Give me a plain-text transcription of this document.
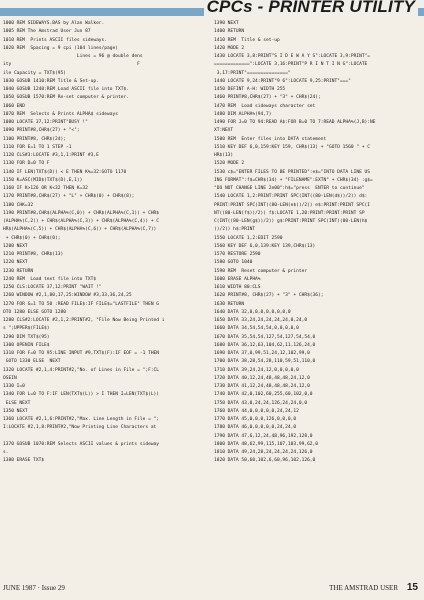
CPCs - PRINTER UTILITY
1000 REM SIDEWAYS.BAS by Alan Walker.
1005 REM The Amstrad User Jun 87
1010 REM  Prints ASCII files sideways.
1020 REM  Spacing = 9 cpi (104 lines/page)
Lines = 96 @ double dens
ity                                              F
ile Capacity = TXT$(95)
1030 GOSUB 1410:REM Title & Set-up.
1040 GOSUB 1240:REM Load ASCII file into TXT$.
1050 GOSUB 1570:REM Re-set computer & printer.
1060 END
1070 REM  Selects & Prints ALPHA$ sideways
1080 LOCATE 37,12:PRINT"BUSY !"
1090 PRINT#8,CHR$(27) + "<";
1100 PRINT#8, CHR$(24);
1110 FOR E=1 TO 1 STEP -1
1120 CLS#3:LOCATE #3,1,1:PRINT #3,E
1130 FOR D=0 TO F
1140 IF LEN(TXT$(D)) < E THEN K%=32:GOTO 1170
1150 K=ASC(MID$(TXT$(D),E,1))
1160 IF K>126 OR K<32 THEN K=32
1170 PRINT#8,CHR$(27) + "L" + CHR$(0) + CHR$(8);
1180 CHK=32
1190 PRINT#8,CHR$(ALPHA%(C,0)) + CHR$(ALPHA%(C,1)) + CHR$
(ALPHA%(C,2)) + CHR$(ALPHA%(C,3)) + CHR$(ALPHA%(C,4)) + C
HR$(ALPHA%(C,5)) + CHR$(ALPHA%(C,6)) + CHR$(ALPHA%(C,7))
+ CHR$(0) + CHR$(0);
1200 NEXT
1210 PRINT#8, CHR$(13)
1220 NEXT
1230 RETURN
1240 REM  Load text file into TXT$
1250 CLS:LOCATE 37,12:PRINT "WAIT !"
1260 WINDOW #2,1,80,17,25:WINDOW #3,33,36,24,25
1270 FOR G=1 TO 50 :READ FILE$:IF FILE$="LASTFILE" THEN G
OTO 1280 ELSE GOTO 1280
1280 CLS#2:LOCATE #2,1,2:PRINT#2, "File Now Being Printed i
s ";UPPER$(FILE$)
1290 DIM TXT$(95)
1300 OPENIN FILE$
1310 FOR F=0 TO 95:LINE INPUT #9,TXT$(F):IF EOF = -1 THEN
GOTO 1330 ELSE  NEXT
1320 LOCATE #2,1,4:PRINT#2,"No. of Lines in File = ";F:CL
OSEIN
1330 I=0
1340 FOR L=0 TO F:IF LEN(TXT$(L)) > I THEN I=LEN(TXT$(L))
ELSE NEXT
1350 NEXT
1360 LOCATE #2,1,6:PRINT#2,"Max. Line Length in File = ";
I:LOCATE #2,1,8:PRINT#2,"Now Printing Line Characters at
1370 GOSUB 1070:REM Selects ASCII values & prints sideway
s.
1380 ERASE TXT$
1390 NEXT
1400 RETURN
1410 REM  Title & set-up
1420 MODE 2
1430 LOCATE 3,8:PRINT"S I D E W A Y S":LOCATE 3,9:PRINT"=
=============":LOCATE 3,16:PRINT"P R I N T I N G":LOCATE
3,17:PRINT"==============="
1440 LOCATE 9,24:PRINT"9 6":LOCATE 9,25:PRINT"==="
1450 DEFINT A-H: WIDTH 255
1460 PRINT#8,CHR$(27) + "3" + CHR$(24);
1470 REM  Load sideways character set
1480 DIM ALPHA%(94,7)
1490 FOR J=0 TO 94:READ A$:FOR B=0 TO 7:READ ALPHA%(J,B):NE
XT:NEXT
1500 REM  Enter files into DATA statement
1510 KEY DEF 6,0,159:KEY 159, CHR$(13) + "GOTO 1560 " + C
HR$(13)
1520 MODE 2
1530 c$="ENTER FILES TO BE PRINTED":e$="INTO DATA LINE US
ING FORMAT":f$=CHR$(34) + "FILENAME":EXTN" + CHR$(34) :g$=
"DO NOT CHANGE LINE 2e00":h$="press  ENTER to continue"
1540 LOCATE 1,2:PRINT:PRINT SPC(INT((80-LEN(d$))/2)) d$:
PRINT:PRINT SPC(INT((80-LEN(e$))/2)) e$:PRINT:PRINT SPC(I
NT((80-LEN(f$))/2)) f$:LOCATE 1,20:PRINT:PRINT:PRINT SP
C(INT((80-LEN(g$))/2)) g$:PRINT:PRINT SPC(INT((80-LEN(h$
))/2)) h$:PRINT
1550 LOCATE 1,2:EDIT 2590
1560 KEY DEF 6,0,139:KEY 139,CHR$(13)
1570 RESTORE 2590
1580 GOTO 1040
1590 REM  Reset computer & printer
1600 ERASE ALPHA%
1610 WIDTH 80:CLS
1620 PRINT#8, CHR$(27) + "3" + CHR$(36);
1630 RETURN
1640 DATA 32,0,0,0,0,0,0,0,0
1650 DATA 33,24,24,24,24,24,0,24,0
1660 DATA 34,54,54,54,0,0,0,0,0
1670 DATA 35,54,54,127,54,127,54,54,0
1680 DATA 36,12,63,104,62,11,126,24,0
1690 DATA 37,0,99,51,24,12,102,99,0
1700 DATA 38,28,54,28,110,59,51,110,0
1710 DATA 39,24,24,12,0,0,0,0,0
1720 DATA 40,12,24,48,48,48,24,12,0
1730 DATA 41,12,24,48,48,48,24,12,0
1740 DATA 42,0,102,60,255,60,102,0,0
1750 DATA 43,0,24,24,126,24,24,0,0
1760 DATA 44,0,0,0,0,0,24,24,12
1770 DATA 45,0,0,0,126,0,0,0,0
1780 DATA 46,0,0,0,0,0,24,24,0
1790 DATA 47,6,12,24,48,96,192,128,0
1800 DATA 48,62,99,115,107,103,99,62,0
1810 DATA 49,24,28,24,24,24,24,126,0
1820 DATA 50,60,102,6,60,96,102,126,0
JUNE 1987 · Issue 29	THE AMSTRAD USER 15
